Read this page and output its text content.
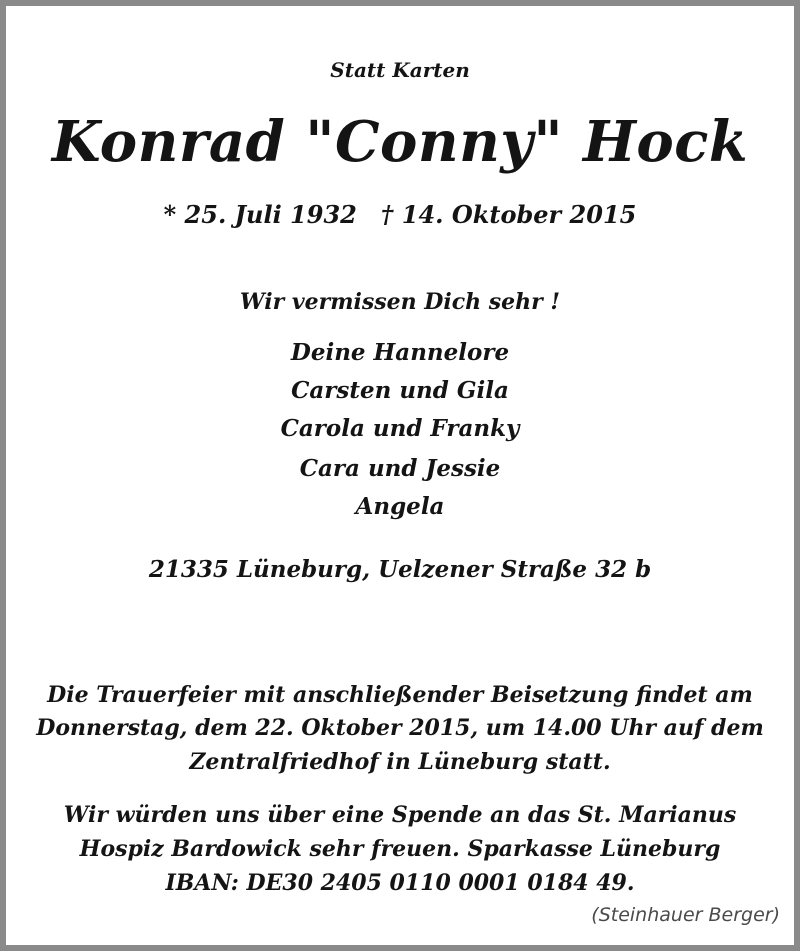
Statt Karten

Konrad "Conny" Hock

* 25. Juli 1932 † 14. Oktober 2015

Wir vermissen Dich sehr !

Deine Hannelore

Carsten und Gila

Carola und Franky

Cara und Jessie

Angela

21335 Lüneburg, Uelzener Straße 32 b

Die Trauerfeier mit anschließender Beisetzung findet am

Donnerstag, dem 22. Oktober 2015, um 14.00 Uhr auf dem

Zentralfriedhof in Lüneburg statt.

Wir würden uns über eine Spende an das St. Marianus

Hospiz Bardowick sehr freuen. Sparkasse Lüneburg

IBAN: DE30 2405 0110 0001 0184 49.

(Steinhauer Berger)
